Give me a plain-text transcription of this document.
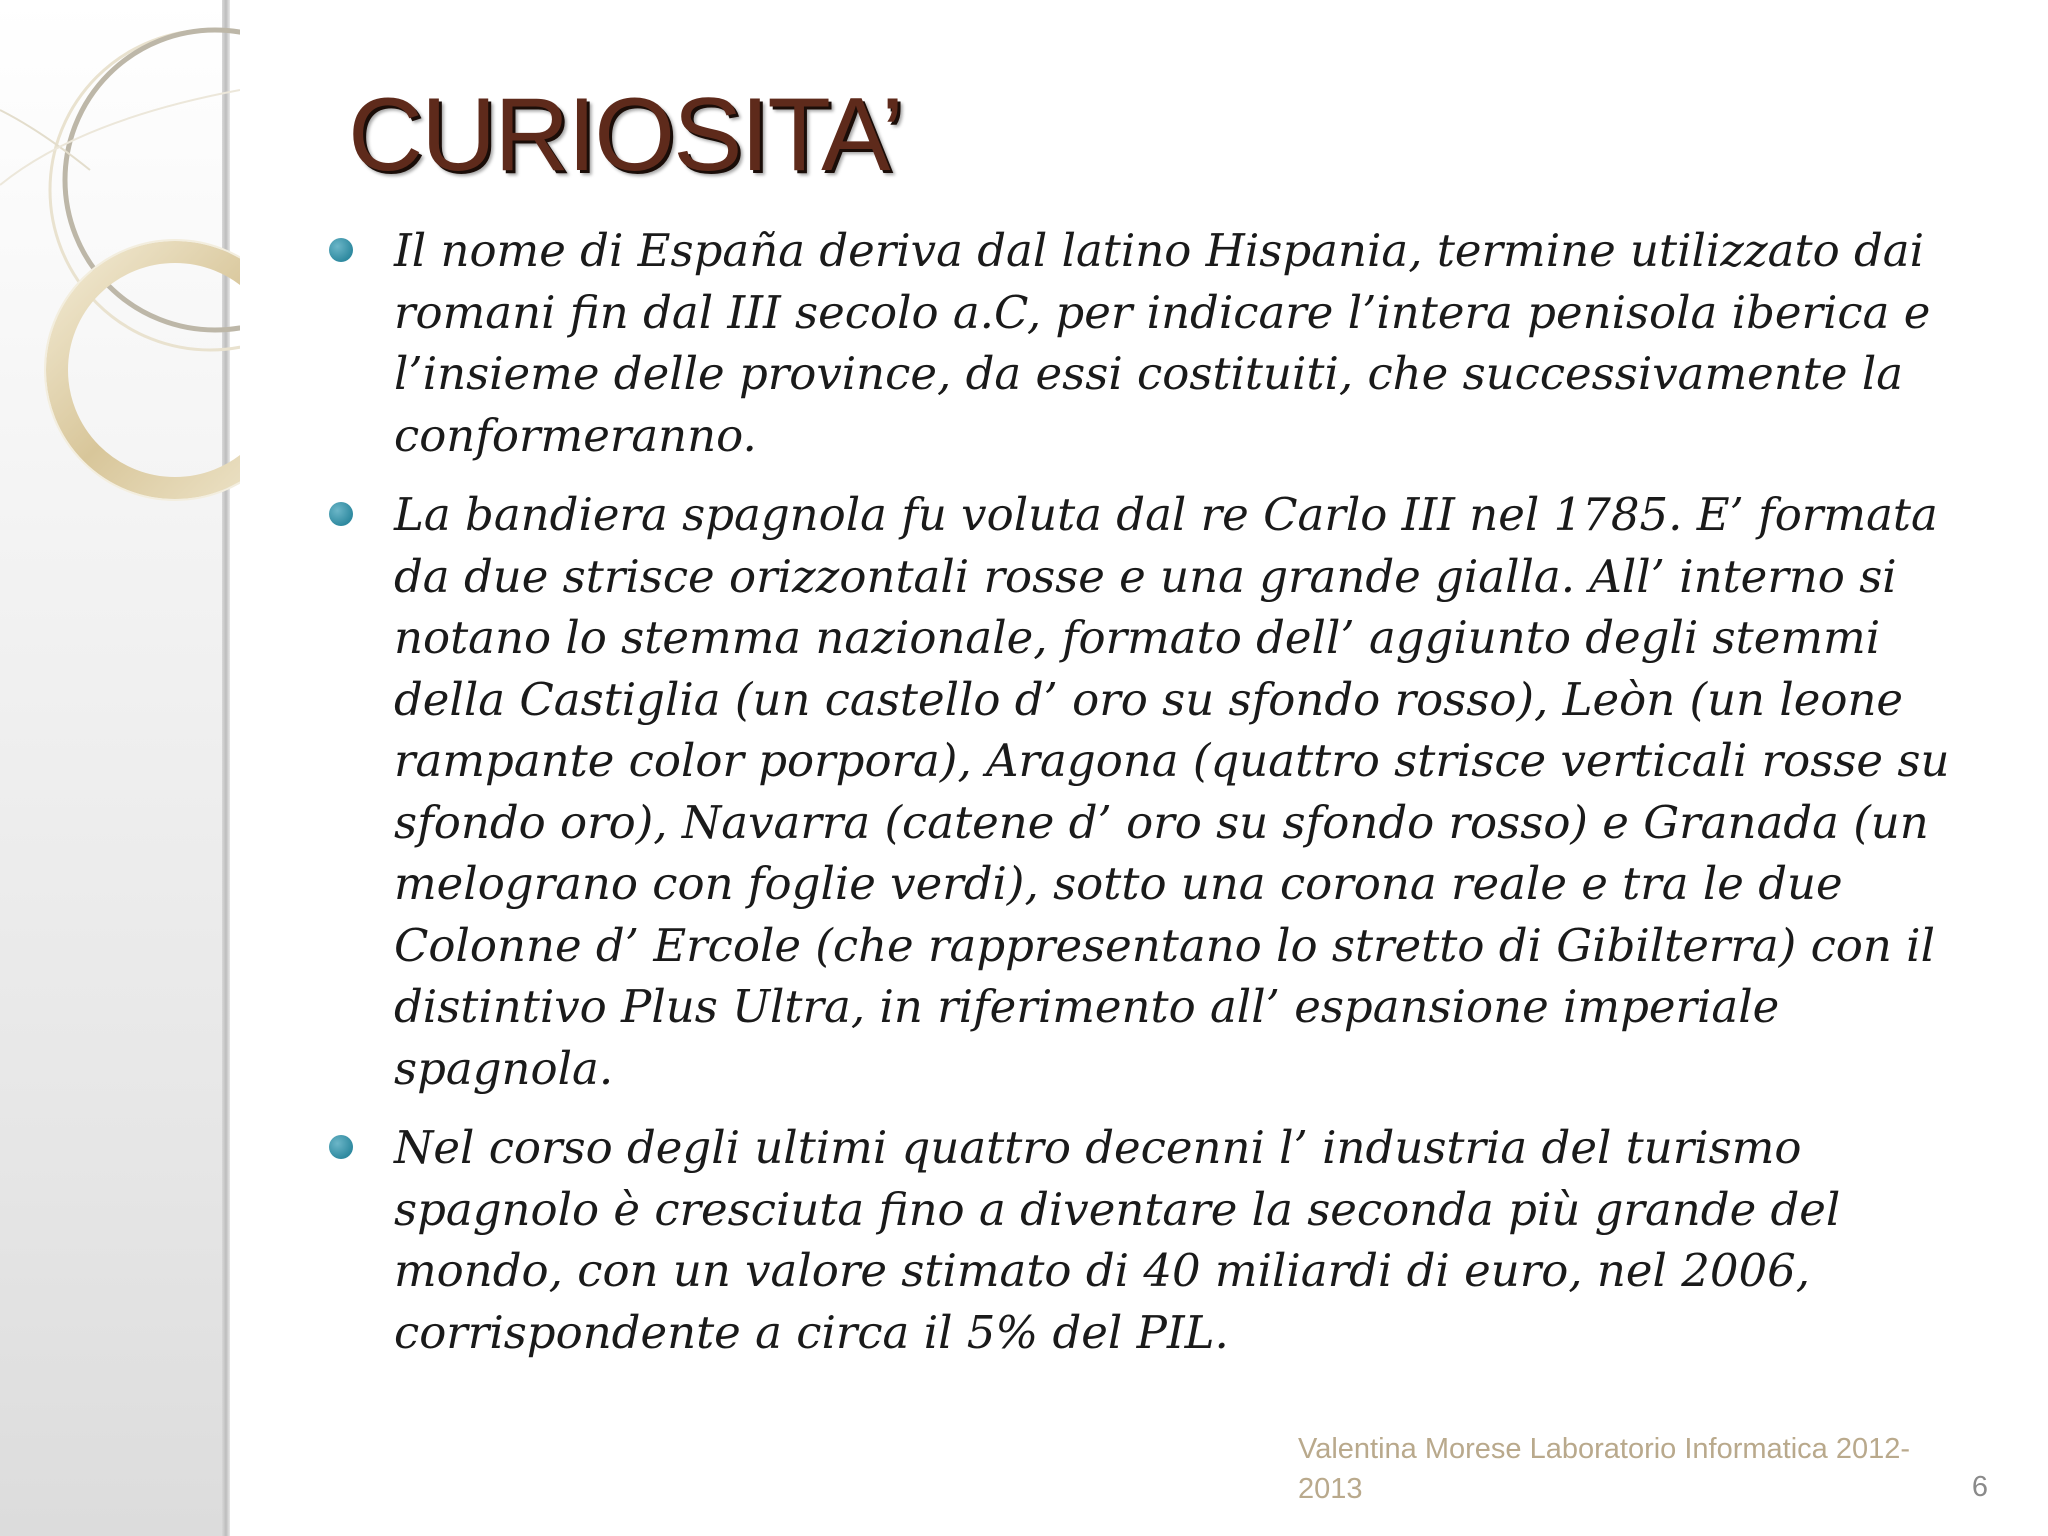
CURIOSITA’
Il nome di España deriva dal latino Hispania, termine utilizzato dai romani fin dal III secolo a.C, per indicare l’intera penisola iberica e l’insieme delle province, da essi costituiti, che successivamente la conformeranno.
La bandiera spagnola fu voluta dal re Carlo III nel 1785. E’ formata da due strisce orizzontali rosse e una grande gialla. All’ interno si notano lo stemma nazionale, formato dell’ aggiunto degli stemmi della Castiglia (un castello d’ oro su sfondo rosso), Leòn (un leone rampante color porpora), Aragona (quattro strisce verticali rosse su sfondo oro), Navarra (catene d’ oro su sfondo rosso) e Granada (un melograno con foglie verdi), sotto una corona reale e tra le due Colonne d’ Ercole (che rappresentano lo stretto di Gibilterra) con il distintivo Plus Ultra, in riferimento all’ espansione imperiale spagnola.
Nel corso degli ultimi quattro decenni l’ industria del turismo spagnolo è cresciuta fino a diventare la seconda più grande del mondo, con un valore stimato di 40 miliardi di euro, nel 2006, corrispondente a circa il 5% del PIL.
Valentina Morese Laboratorio Informatica 2012-2013	6
